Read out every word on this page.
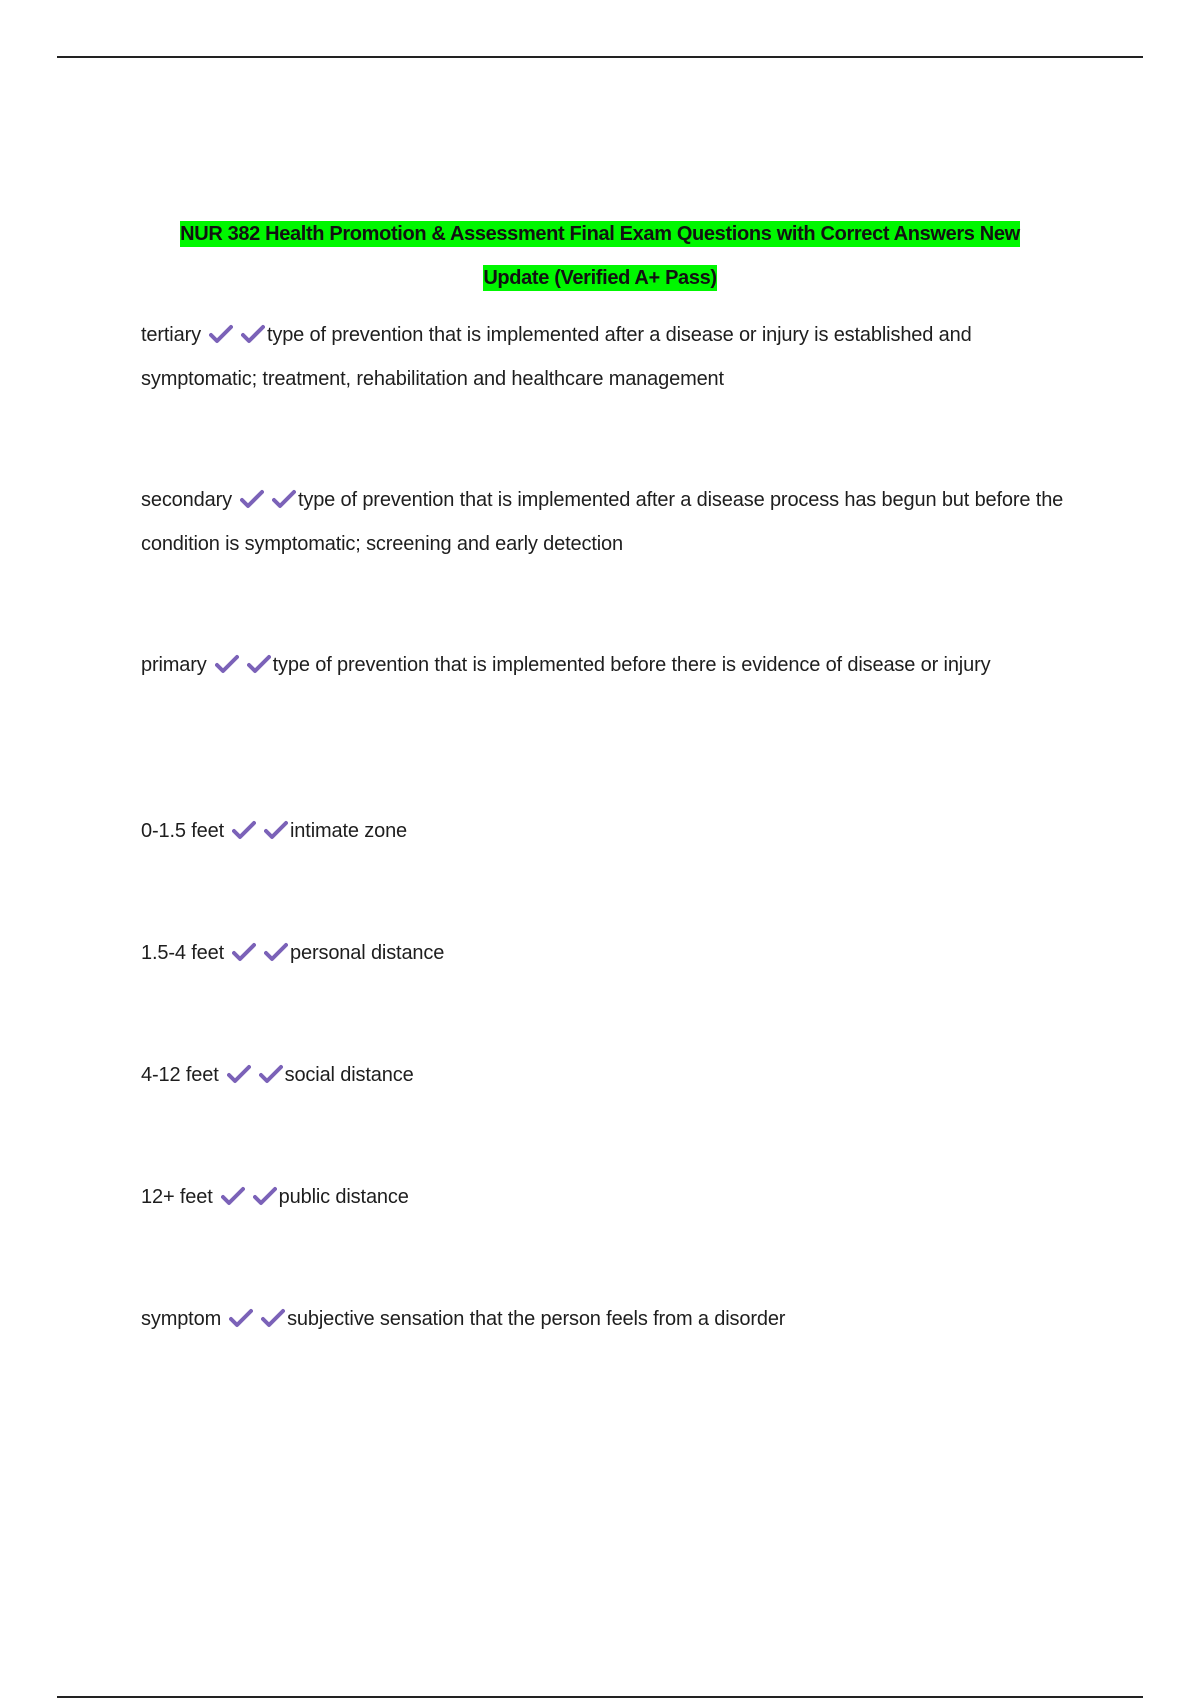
NUR 382 Health Promotion & Assessment Final Exam Questions with Correct Answers New
Update (Verified A+ Pass)
tertiary	type of prevention that is implemented after a disease or injury is established and symptomatic; treatment, rehabilitation and healthcare management
secondary	type of prevention that is implemented after a disease process has begun but before the condition is symptomatic; screening and early detection
primary	type of prevention that is implemented before there is evidence of disease or injury
0-1.5 feet	intimate zone
1.5-4 feet	personal distance
4-12 feet	social distance
12+ feet	public distance
symptom	subjective sensation that the person feels from a disorder
